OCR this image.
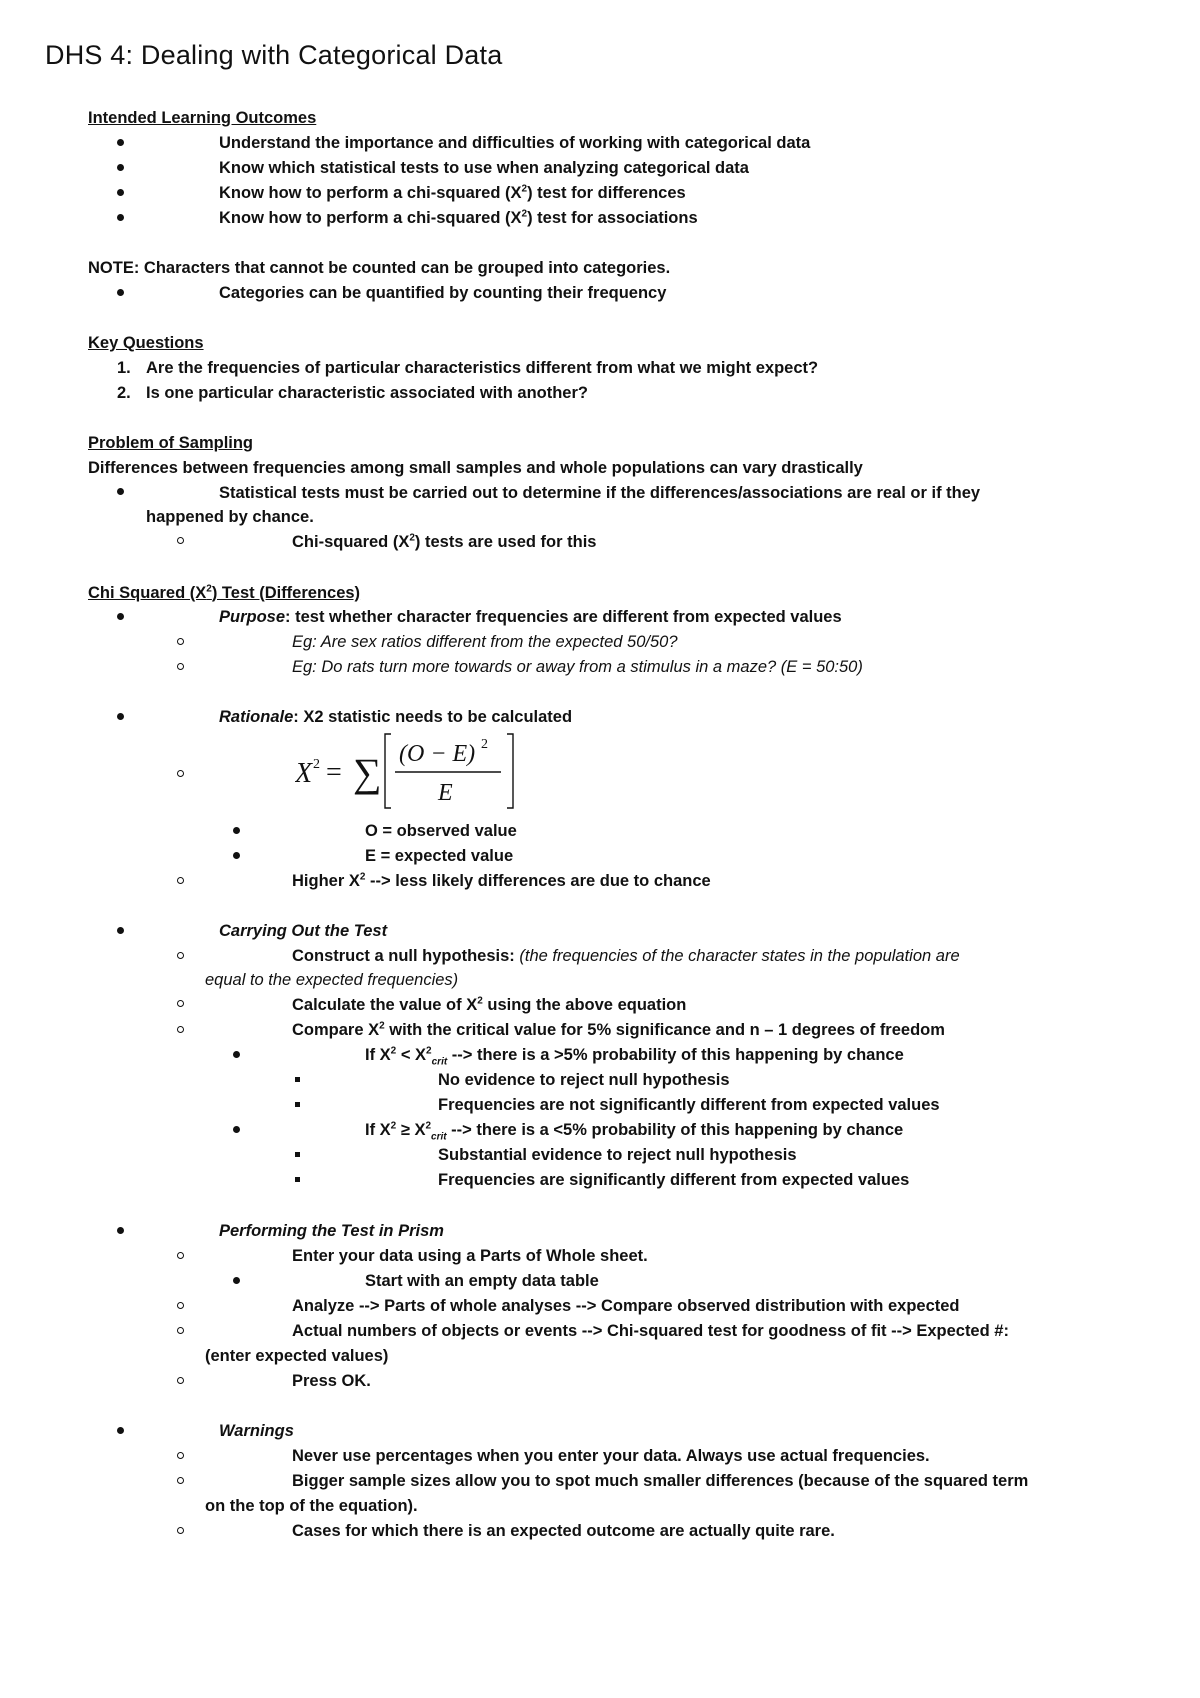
DHS 4: Dealing with Categorical Data
Intended Learning Outcomes
Understand the importance and difficulties of working with categorical data
Know which statistical tests to use when analyzing categorical data
Know how to perform a chi-squared $(X^2)$ test for differences
Know how to perform a chi-squared $(X^2)$ test for associations
NOTE: Characters that cannot be counted can be grouped into categories.
Categories can be quantified by counting their frequency
Key Questions
1. Are the frequencies of particular characteristics different from what we might expect?
2. Is one particular characteristic associated with another?
Problem of Sampling
Differences between frequencies among small samples and whole populations can vary drastically
Statistical tests must be carried out to determine if the differences/associations are real or if they
happened by chance.
Chi-squared $(X^2)$ tests are used for this
Chi Squared $(X^2)$ Test (Differences)
Purpose: test whether character frequencies are different from expected values
Eg: Are sex ratios different from the expected 50/50?
Eg: Do rats turn more towards or away from a stimulus in a maze? (E = 50:50)
Rationale: X2 statistic needs to be calculated
X 2 = ∑ (O − E) 2
E
O = observed value
E = expected value
Higher $X^2$ --> less likely differences are due to chance
Carrying Out the Test
Construct a null hypothesis: (the frequencies of the character states in the population are
equal to the expected frequencies)
Calculate the value of $X^2$ using the above equation
Compare $X^2$ with the critical value for 5% significance and n – 1 degrees of freedom
If $X^2 < X^2_{crit}$ --> there is a >5% probability of this happening by chance
No evidence to reject null hypothesis
Frequencies are not significantly different from expected values
If $X^2 \ge X^2_{crit}$ --> there is a <5% probability of this happening by chance
Substantial evidence to reject null hypothesis
Frequencies are significantly different from expected values
Performing the Test in Prism
Enter your data using a Parts of Whole sheet.
Start with an empty data table
Analyze --> Parts of whole analyses --> Compare observed distribution with expected
Actual numbers of objects or events --> Chi-squared test for goodness of fit --> Expected #:
(enter expected values)
Press OK.
Warnings
Never use percentages when you enter your data. Always use actual frequencies.
Bigger sample sizes allow you to spot much smaller differences (because of the squared term
on the top of the equation).
Cases for which there is an expected outcome are actually quite rare.
